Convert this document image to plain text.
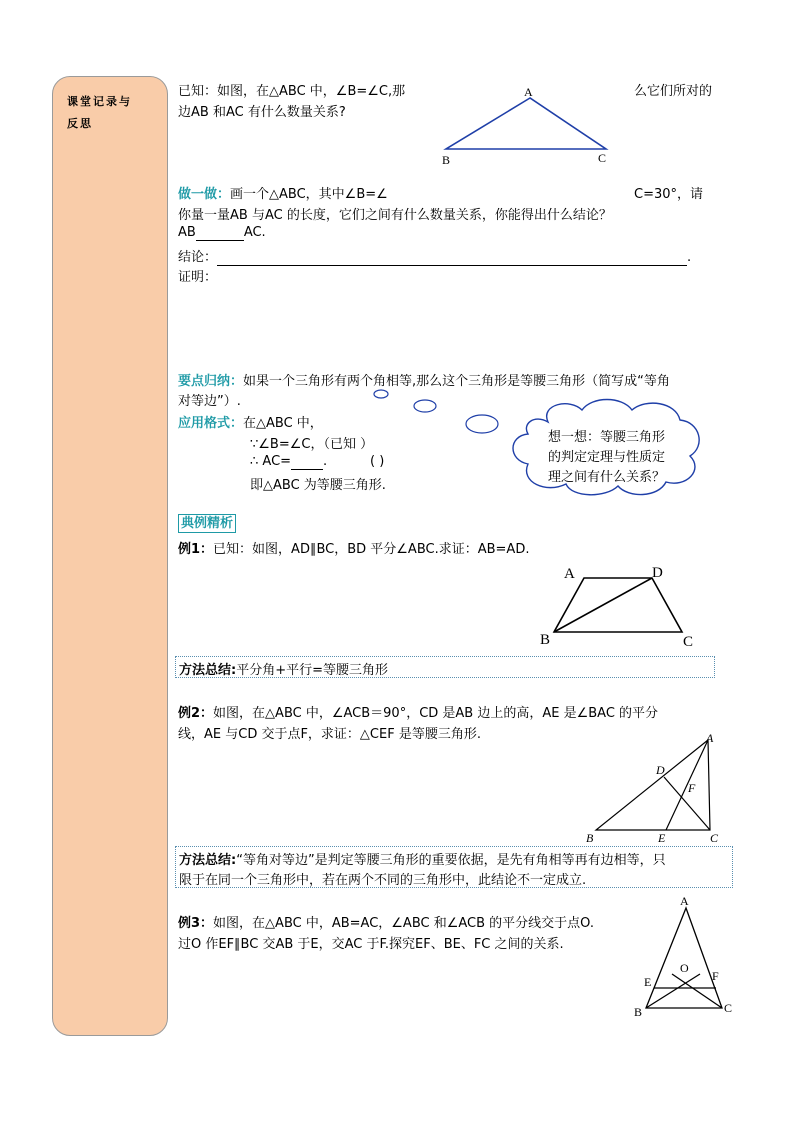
课堂记录与
反思
已知：如图，在△ABC 中，∠B=∠C,那	么它们所对的
边AB 和AC 有什么数量关系?
A
B	C
做一做：画一个△ABC，其中∠B=∠	C=30°，请
你量一量AB 与AC 的长度，它们之间有什么数量关系，你能得出什么结论？
AB	AC.
结论：	.
证明：
要点归纳：如果一个三角形有两个角相等,那么这个三角形是等腰三角形（简写成“等角
对等边”）.
应用格式：在△ABC 中，
∵∠B=∠C，（已知 ）
∴ AC= .	( )
即△ABC 为等腰三角形.
想一想：等腰三角形
的判定定理与性质定
理之间有什么关系？
典例精析
例1：已知：如图，AD∥BC，BD 平分∠ABC.求证：AB=AD.
A	D
B	C
方法总结:平分角+平行=等腰三角形
例2：如图，在△ABC 中，∠ACB＝90°，CD 是AB 边上的高，AE 是∠BAC 的平分
线，AE 与CD 交于点F，求证：△CEF 是等腰三角形.	A
D
F
B	E	C
方法总结:“等角对等边”是判定等腰三角形的重要依据，是先有角相等再有边相等，只
限于在同一个三角形中，若在两个不同的三角形中，此结论不一定成立.
例3：如图，在△ABC 中，AB=AC，∠ABC 和∠ACB 的平分线交于点O.
过O 作EF∥BC 交AB 于E，交AC 于F.探究EF、BE、FC 之间的关系.
A
O
E	F
B	C
